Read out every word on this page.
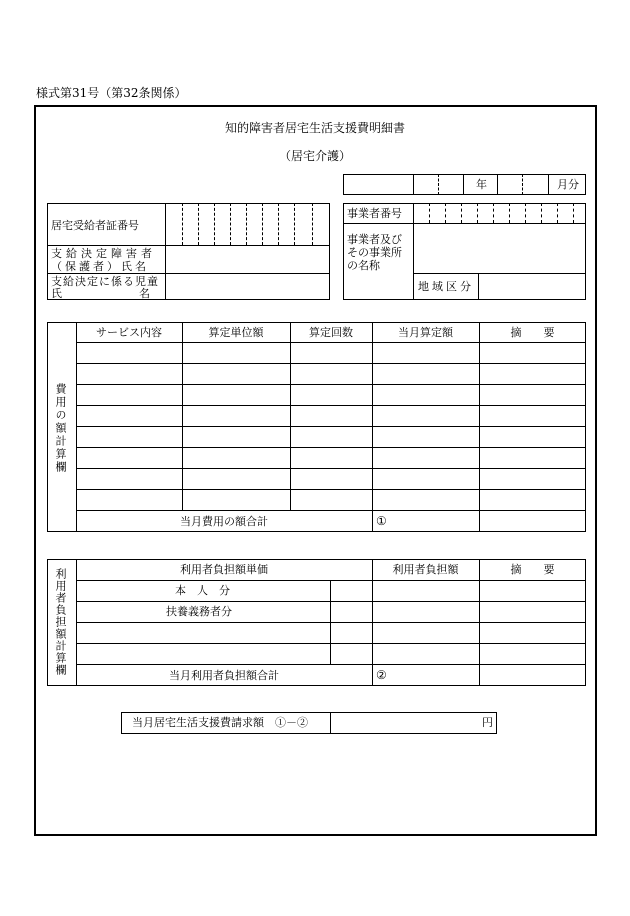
様式第31号（第32条関係）
知的障害者居宅生活支援費明細書
（居宅介護）
年	月分
居宅受給者証番号
支給決定障害者
（保護者）氏名
支給決定に係る児童
氏　　　　　　　名
事業者番号
事業者及び
その事業所
の名称
地域区分
費用の額計算欄
サービス内容	算定単位額	算定回数	当月算定額	摘　　要
当月費用の額合計	①
利用者負担額計算欄	利用者負担額単価	利用者負担額	摘　　要
本　人　分
扶養義務者分
当月利用者負担額合計	②
当月居宅生活支援費請求額　①－②	円
